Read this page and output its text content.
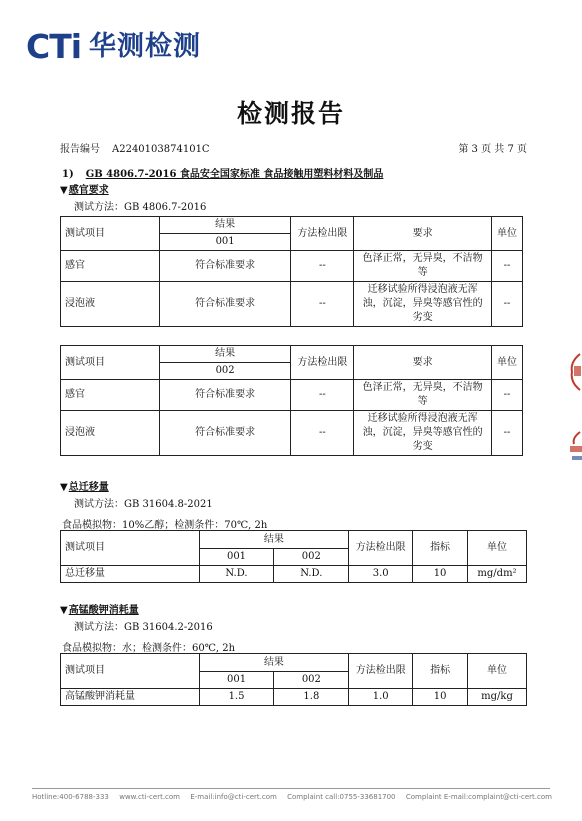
CTi 华测检测
检测报告
报告编号 A2240103874101C	第 3 页 共 7 页
1) GB 4806.7-2016 食品安全国家标准 食品接触用塑料材料及制品
▼感官要求
测试方法：GB 4806.7-2016
测试项目	结果	方法检出限	要求	单位
	001			
感官	符合标准要求	--	色泽正常，无异臭，不洁物等	--
浸泡液	符合标准要求	--	迁移试验所得浸泡液无浑浊，沉淀，异臭等感官性的劣变	--
测试项目	结果	方法检出限	要求	单位
	002			
感官	符合标准要求	--	色泽正常，无异臭，不洁物等	--
浸泡液	符合标准要求	--	迁移试验所得浸泡液无浑浊，沉淀，异臭等感官性的劣变	--
▼总迁移量
测试方法：GB 31604.8-2021
食品模拟物：10%乙醇；检测条件：70℃, 2h
测试项目	结果		方法检出限	指标	单位
	001	002			
总迁移量	N.D.	N.D.	3.0	10	mg/dm²
▼高锰酸钾消耗量
测试方法：GB 31604.2-2016
食品模拟物：水；检测条件：60℃, 2h
测试项目	结果		方法检出限	指标	单位
	001	002			
高锰酸钾消耗量	1.5	1.8	1.0	10	mg/kg
Hotline:400-6788-333 www.cti-cert.com E-mail:info@cti-cert.com Complaint call:0755-33681700 Complaint E-mail:complaint@cti-cert.com
